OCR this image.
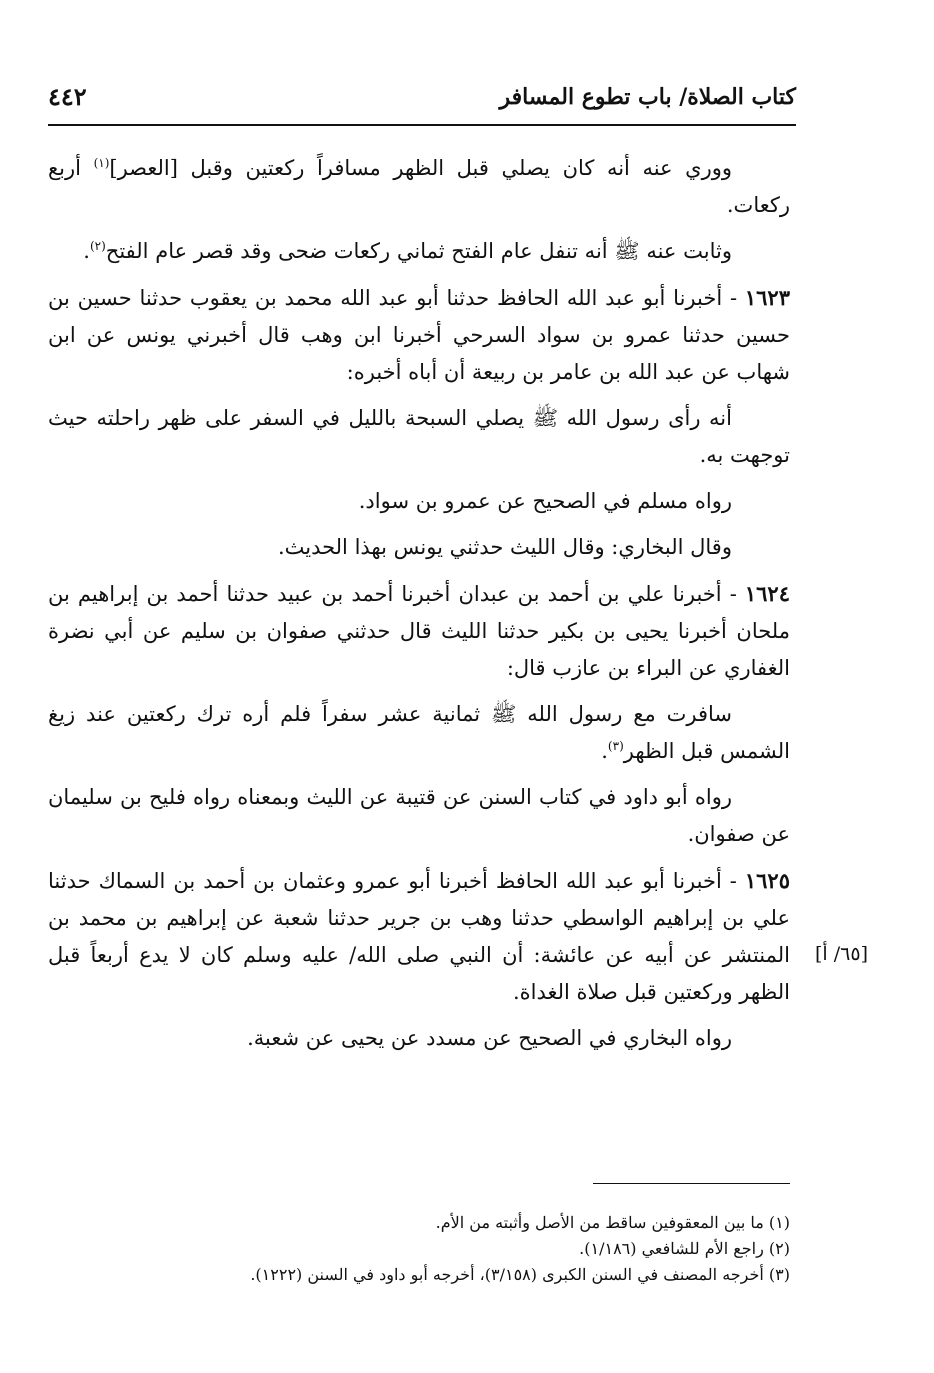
كتاب الصلاة/ باب تطوع المسافر
٤٤٢

ووري عنه أنه كان يصلي قبل الظهر مسافراً ركعتين وقبل [العصر]$^{(١)}$ أربع ركعات.

وثابت عنه ﷺ أنه تنفل عام الفتح ثماني ركعات ضحى وقد قصر عام الفتح$^{(٢)}$.

١٦٢٣ - أخبرنا أبو عبد الله الحافظ حدثنا أبو عبد الله محمد بن يعقوب حدثنا حسين بن حسين حدثنا عمرو بن سواد السرحي أخبرنا ابن وهب قال أخبرني يونس عن ابن شهاب عن عبد الله بن عامر بن ربيعة أن أباه أخبره:

أنه رأى رسول الله ﷺ يصلي السبحة بالليل في السفر على ظهر راحلته حيث توجهت به.

رواه مسلم في الصحيح عن عمرو بن سواد.

وقال البخاري: وقال الليث حدثني يونس بهذا الحديث.

١٦٢٤ - أخبرنا علي بن أحمد بن عبدان أخبرنا أحمد بن عبيد حدثنا أحمد بن إبراهيم بن ملحان أخبرنا يحيى بن بكير حدثنا الليث قال حدثني صفوان بن سليم عن أبي نضرة الغفاري عن البراء بن عازب قال:

سافرت مع رسول الله ﷺ ثمانية عشر سفراً فلم أره ترك ركعتين عند زيغ الشمس قبل الظهر$^{(٣)}$.

رواه أبو داود في كتاب السنن عن قتيبة عن الليث وبمعناه رواه فليح بن سليمان عن صفوان.

[٦٥/ أ]

١٦٢٥ - أخبرنا أبو عبد الله الحافظ أخبرنا أبو عمرو وعثمان بن أحمد بن السماك حدثنا علي بن إبراهيم الواسطي حدثنا وهب بن جرير حدثنا شعبة عن إبراهيم بن محمد بن المنتشر عن أبيه عن عائشة: أن النبي صلى الله/ عليه وسلم كان لا يدع أربعاً قبل الظهر وركعتين قبل صلاة الغداة.

رواه البخاري في الصحيح عن مسدد عن يحيى عن شعبة.

(١) ما بين المعقوفين ساقط من الأصل وأثبته من الأم.

(٢) راجع الأم للشافعي (١/١٨٦).

(٣) أخرجه المصنف في السنن الكبرى (٣/١٥٨)، أخرجه أبو داود في السنن (١٢٢٢).
